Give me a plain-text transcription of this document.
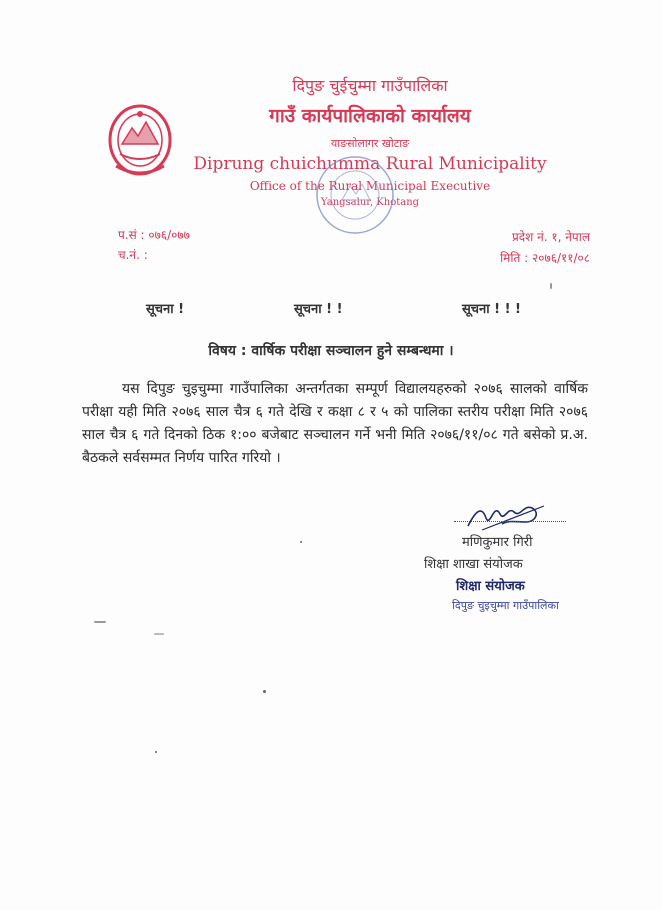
दिपुङ चुईचुम्मा गाउँपालिका
गाउँ कार्यपालिकाको कार्यालय
याङसोलागर खोटाङ
Diprung chuichumma Rural Municipality
Office of the Rural Municipal Executive
Yangsalur, Khotang
प.सं : ०७६/०७७
च.नं. :
प्रदेश नं. १, नेपाल
मिति : २०७६/११/०८
सूचना !	सूचना ! !	सूचना ! ! !
विषय : वार्षिक परीक्षा सञ्चालन हुने सम्बन्धमा ।
यस दिपुङ चुइचुम्मा गाउँपालिका अन्तर्गतका सम्पूर्ण विद्यालयहरुको २०७६ सालको वार्षिक परीक्षा यही मिति २०७६ साल चैत्र ६ गते देखि र कक्षा ८ र ५ को पालिका स्तरीय परीक्षा मिति २०७६ साल चैत्र ६ गते दिनको ठिक १:०० बजेबाट सञ्चालन गर्ने भनी मिति २०७६/११/०८ गते बसेको प्र.अ. बैठकले सर्वसम्मत निर्णय पारित गरियो ।
मणिकुमार गिरी
शिक्षा शाखा संयोजक
शिक्षा संयोजक
दिपुङ चुइचुम्मा गाउँपालिका
